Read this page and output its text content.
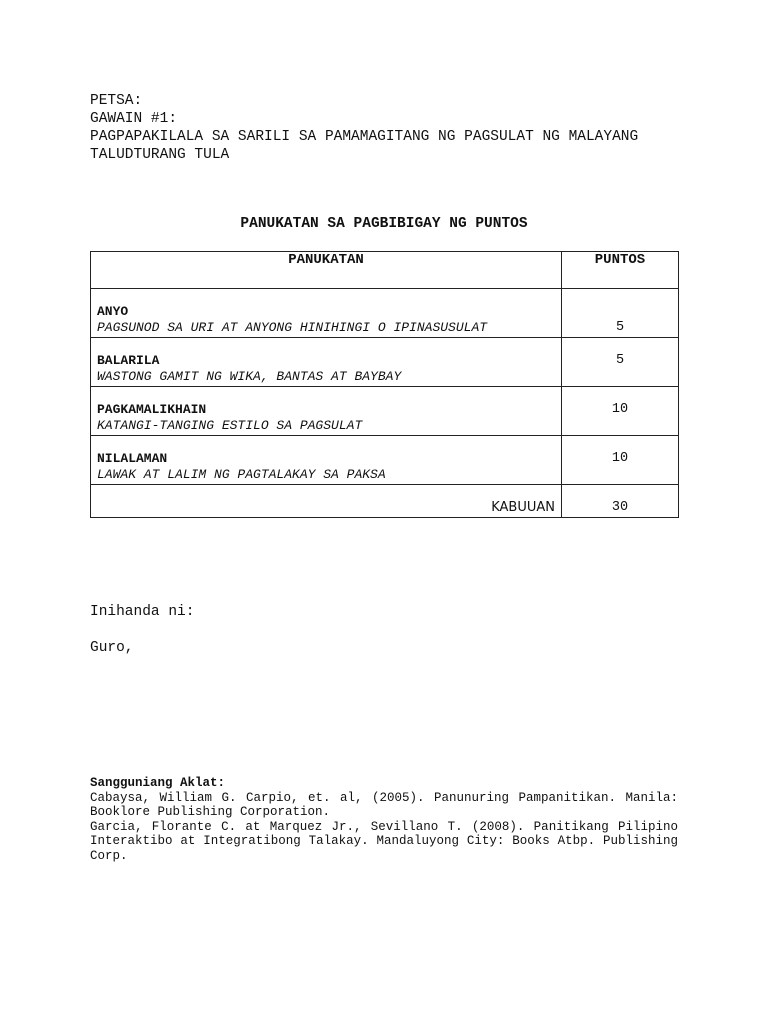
PETSA:
GAWAIN #1:
PAGPAPAKILALA SA SARILI SA PAMAMAGITANG NG PAGSULAT NG MALAYANG
TALUDTURANG TULA
PANUKATAN SA PAGBIBIGAY NG PUNTOS
PANUKATAN	PUNTOS

ANYO
PAGSUNOD SA URI AT ANYONG HINIHINGI O IPINASUSULAT	5

BALARILA
WASTONG GAMIT NG WIKA, BANTAS AT BAYBAY	5

PAGKAMALIKHAIN
KATANGI-TANGING ESTILO SA PAGSULAT	10

NILALAMAN
LAWAK AT LALIM NG PAGTALAKAY SA PAKSA	10

KABUUAN	30
Inihanda ni:
Guro,
Sangguniang Aklat:
Cabaysa, William G. Carpio, et. al, (2005). Panunuring Pampanitikan. Manila: Booklore Publishing Corporation.
Garcia, Florante C. at Marquez Jr., Sevillano T. (2008). Panitikang Pilipino Interaktibo at Integratibong Talakay. Mandaluyong City: Books Atbp. Publishing Corp.
